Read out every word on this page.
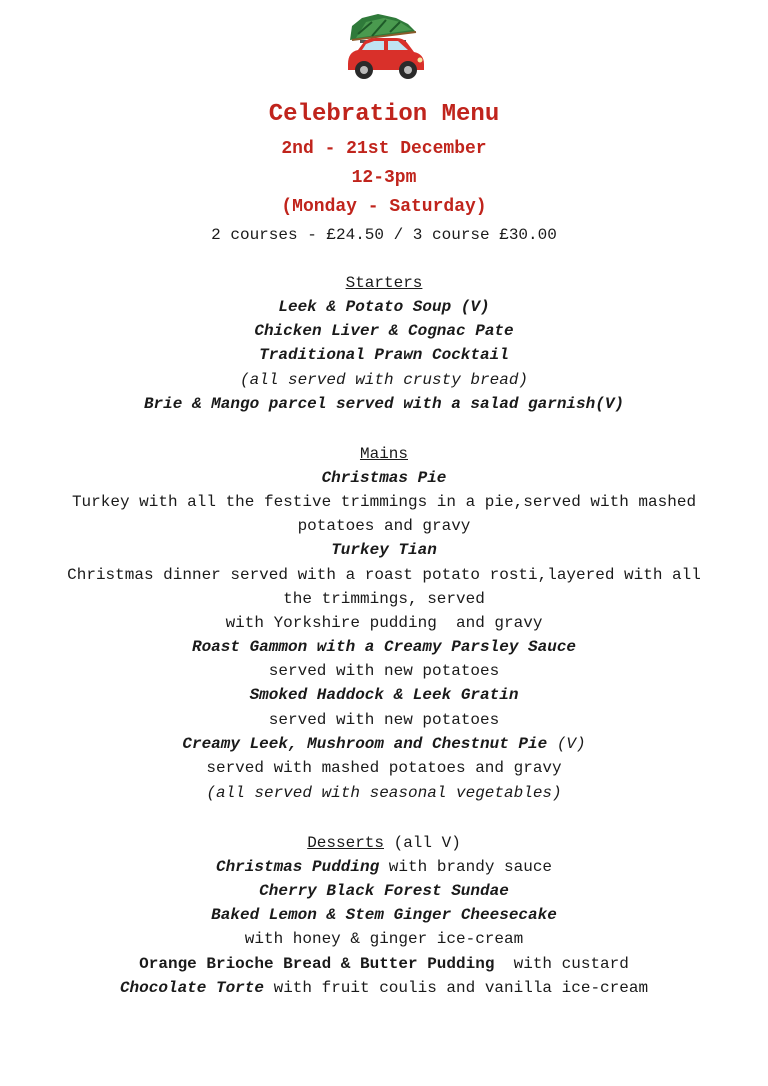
Celebration Menu
2nd - 21st December
12-3pm
(Monday - Saturday)
2 courses - £24.50 / 3 course £30.00
Starters
Leek & Potato Soup (V)
Chicken Liver & Cognac Pate
Traditional Prawn Cocktail
(all served with crusty bread)
Brie & Mango parcel served with a salad garnish(V)
Mains
Christmas Pie
Turkey with all the festive trimmings in a pie,served with mashed
potatoes and gravy
Turkey Tian
Christmas dinner served with a roast potato rosti,layered with all
the trimmings, served
with Yorkshire pudding  and gravy
Roast Gammon with a Creamy Parsley Sauce
served with new potatoes
Smoked Haddock & Leek Gratin
served with new potatoes
Creamy Leek, Mushroom and Chestnut Pie (V)
served with mashed potatoes and gravy
(all served with seasonal vegetables)
Desserts (all V)
Christmas Pudding with brandy sauce
Cherry Black Forest Sundae
Baked Lemon & Stem Ginger Cheesecake
with honey & ginger ice-cream
Orange Brioche Bread & Butter Pudding  with custard
Chocolate Torte with fruit coulis and vanilla ice-cream
